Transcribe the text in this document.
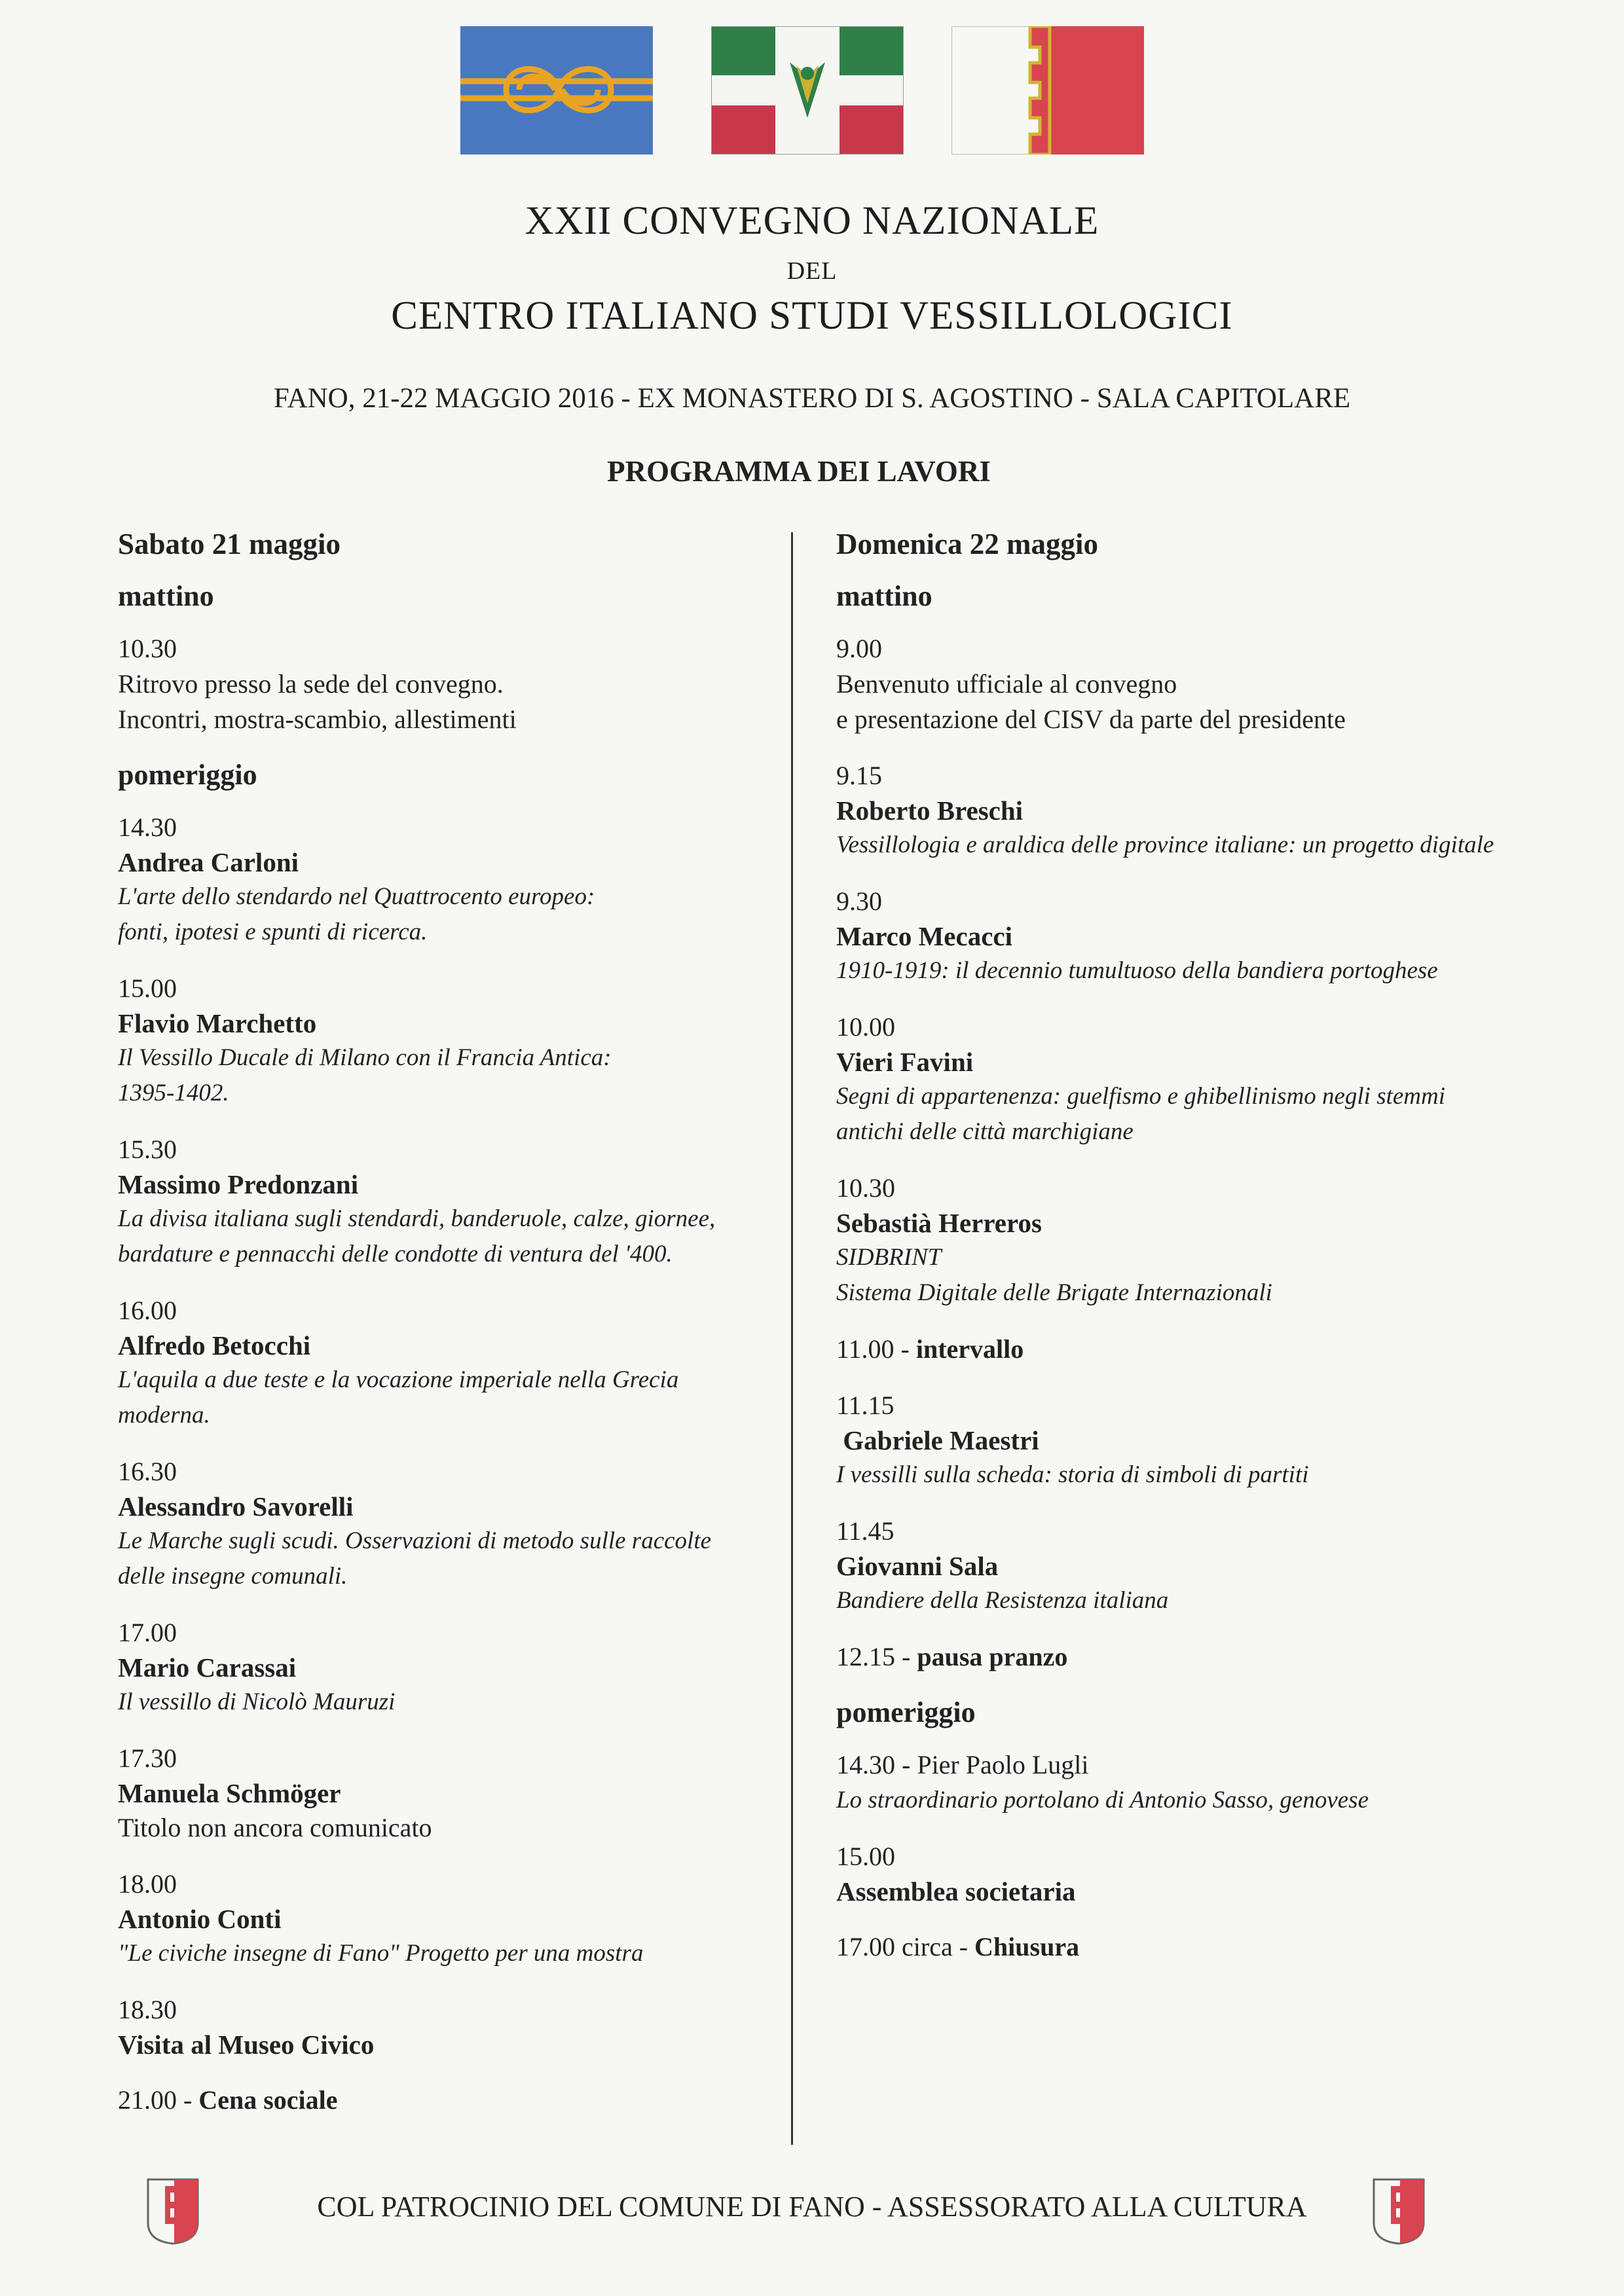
XXII CONVEGNO NAZIONALE
DEL
CENTRO ITALIANO STUDI VESSILLOLOGICI
FANO, 21-22 MAGGIO 2016 - EX MONASTERO DI S. AGOSTINO - SALA CAPITOLARE
PROGRAMMA DEI LAVORI
Sabato 21 maggio
mattino
10.30
Ritrovo presso la sede del convegno.
Incontri, mostra-scambio, allestimenti
pomeriggio
14.30
Andrea Carloni
L'arte dello stendardo nel Quattrocento europeo:
fonti, ipotesi e spunti di ricerca.
15.00
Flavio Marchetto
Il Vessillo Ducale di Milano con il Francia Antica:
1395-1402.
15.30
Massimo Predonzani
La divisa italiana sugli stendardi, banderuole, calze, giornee,
bardature e pennacchi delle condotte di ventura del '400.
16.00
Alfredo Betocchi
L'aquila a due teste e la vocazione imperiale nella Grecia
moderna.
16.30
Alessandro Savorelli
Le Marche sugli scudi. Osservazioni di metodo sulle raccolte
delle insegne comunali.
17.00
Mario Carassai
Il vessillo di Nicolò Mauruzi
17.30
Manuela Schmöger
Titolo non ancora comunicato
18.00
Antonio Conti
"Le civiche insegne di Fano" Progetto per una mostra
18.30
Visita al Museo Civico
21.00 - Cena sociale
Domenica 22 maggio
mattino
9.00
Benvenuto ufficiale al convegno
e presentazione del CISV da parte del presidente
9.15
Roberto Breschi
Vessillologia e araldica delle province italiane: un progetto digitale
9.30
Marco Mecacci
1910-1919: il decennio tumultuoso della bandiera portoghese
10.00
Vieri Favini
Segni di appartenenza: guelfismo e ghibellinismo negli stemmi
antichi delle città marchigiane
10.30
Sebastià Herreros
SIDBRINT
Sistema Digitale delle Brigate Internazionali
11.00 - intervallo
11.15
Gabriele Maestri
I vessilli sulla scheda: storia di simboli di partiti
11.45
Giovanni Sala
Bandiere della Resistenza italiana
12.15 - pausa pranzo
pomeriggio
14.30 - Pier Paolo Lugli
Lo straordinario portolano di Antonio Sasso, genovese
15.00
Assemblea societaria
17.00 circa - Chiusura
COL PATROCINIO DEL COMUNE DI FANO - ASSESSORATO ALLA CULTURA
